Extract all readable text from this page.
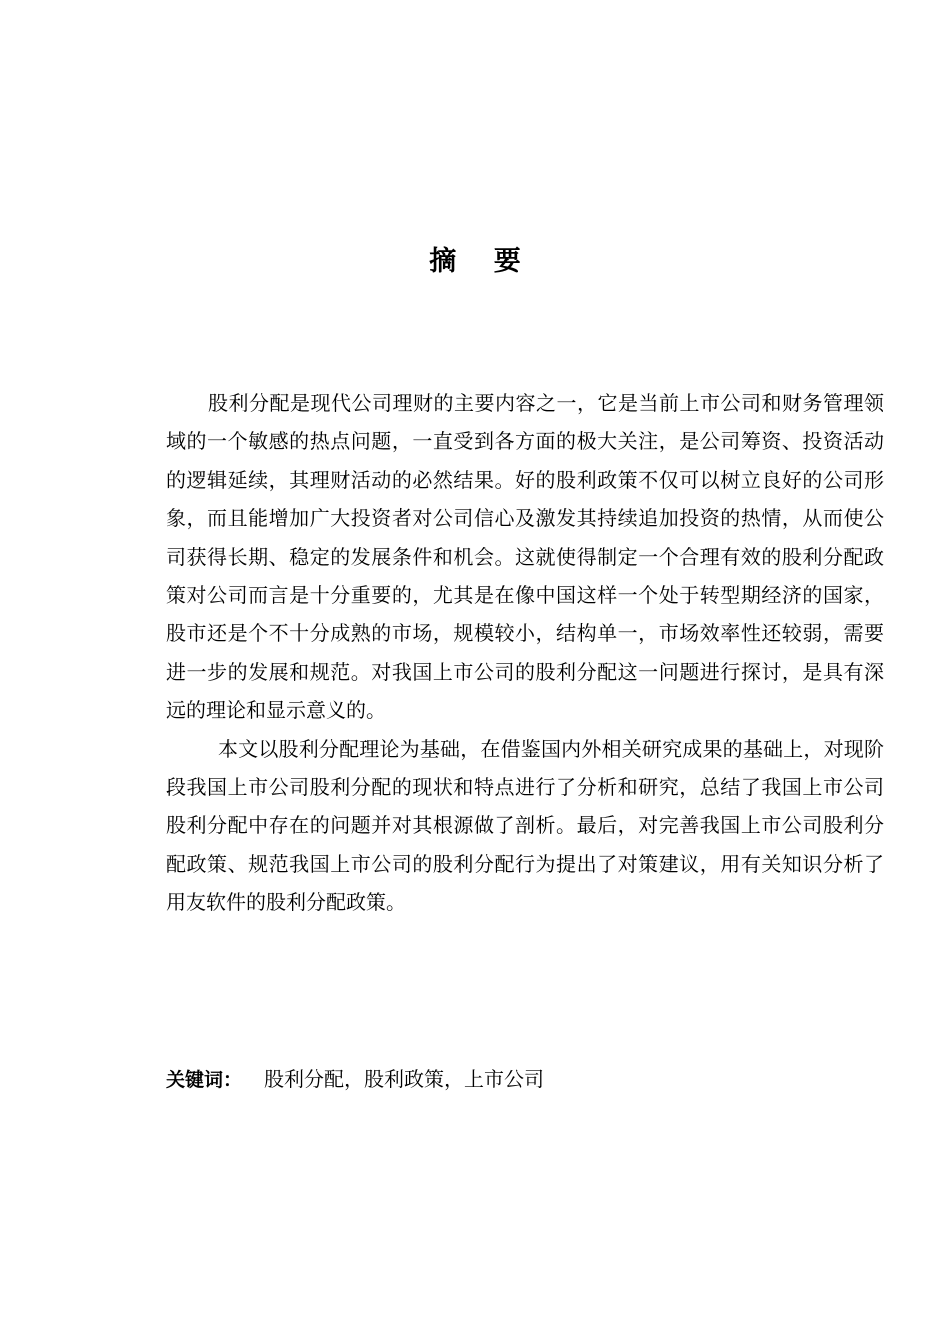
摘 要

股利分配是现代公司理财的主要内容之一，它是当前上市公司和财务管理领域的一个敏感的热点问题，一直受到各方面的极大关注，是公司筹资、投资活动的逻辑延续，其理财活动的必然结果。好的股利政策不仅可以树立良好的公司形象，而且能增加广大投资者对公司信心及激发其持续追加投资的热情，从而使公司获得长期、稳定的发展条件和机会。这就使得制定一个合理有效的股利分配政策对公司而言是十分重要的，尤其是在像中国这样一个处于转型期经济的国家，股市还是个不十分成熟的市场，规模较小，结构单一，市场效率性还较弱，需要进一步的发展和规范。对我国上市公司的股利分配这一问题进行探讨，是具有深远的理论和显示意义的。

本文以股利分配理论为基础，在借鉴国内外相关研究成果的基础上，对现阶段我国上市公司股利分配的现状和特点进行了分析和研究，总结了我国上市公司股利分配中存在的问题并对其根源做了剖析。最后，对完善我国上市公司股利分配政策、规范我国上市公司的股利分配行为提出了对策建议，用有关知识分析了用友软件的股利分配政策。

关键词： 股利分配，股利政策，上市公司
